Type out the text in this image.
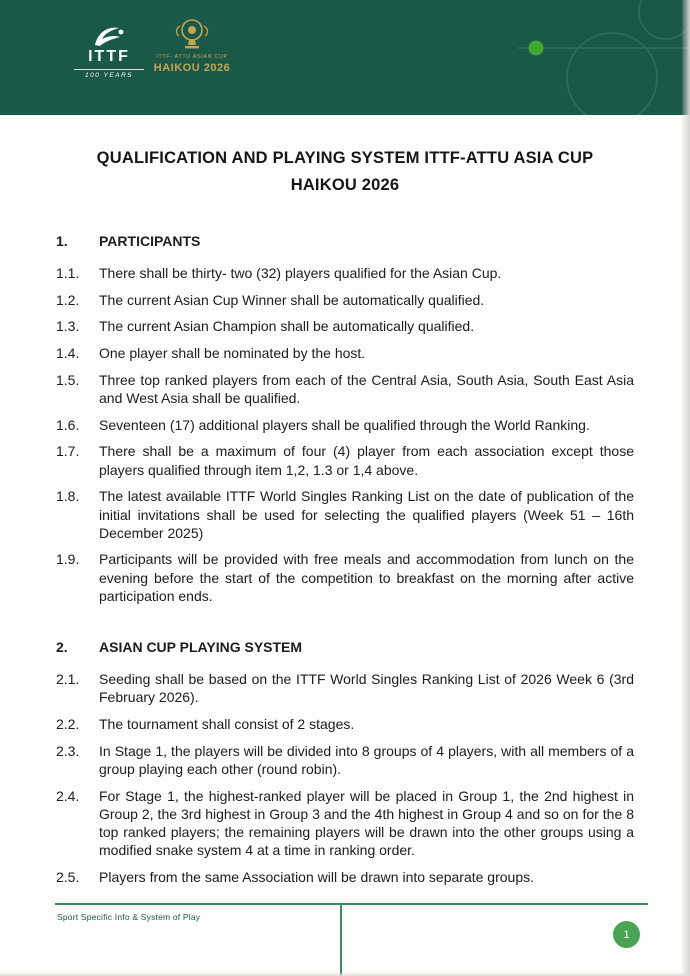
ITTF
100 YEARS
ITTF- ATTU ASIAN CUP
HAIKOU 2026
QUALIFICATION AND PLAYING SYSTEM ITTF-ATTU ASIA CUP
HAIKOU 2026
1.	PARTICIPANTS
1.1.	There shall be thirty- two (32) players qualified for the Asian Cup.
1.2.	The current Asian Cup Winner shall be automatically qualified.
1.3.	The current Asian Champion shall be automatically qualified.
1.4.	One player shall be nominated by the host.
1.5.	Three top ranked players from each of the Central Asia, South Asia, South East Asia and West Asia shall be qualified.
1.6.	Seventeen (17) additional players shall be qualified through the World Ranking.
1.7.	There shall be a maximum of four (4) player from each association except those players qualified through item 1,2, 1.3 or 1,4 above.
1.8.	The latest available ITTF World Singles Ranking List on the date of publication of the initial invitations shall be used for selecting the qualified players (Week 51 – 16th December 2025)
1.9.	Participants will be provided with free meals and accommodation from lunch on the evening before the start of the competition to breakfast on the morning after active participation ends.
2.	ASIAN CUP PLAYING SYSTEM
2.1.	Seeding shall be based on the ITTF World Singles Ranking List of 2026 Week 6 (3rd February 2026).
2.2.	The tournament shall consist of 2 stages.
2.3.	In Stage 1, the players will be divided into 8 groups of 4 players, with all members of a group playing each other (round robin).
2.4.	For Stage 1, the highest-ranked player will be placed in Group 1, the 2nd highest in Group 2, the 3rd highest in Group 3 and the 4th highest in Group 4 and so on for the 8 top ranked players; the remaining players will be drawn into the other groups using a modified snake system 4 at a time in ranking order.
2.5.	Players from the same Association will be drawn into separate groups.
Sport Specific Info & System of Play
1
